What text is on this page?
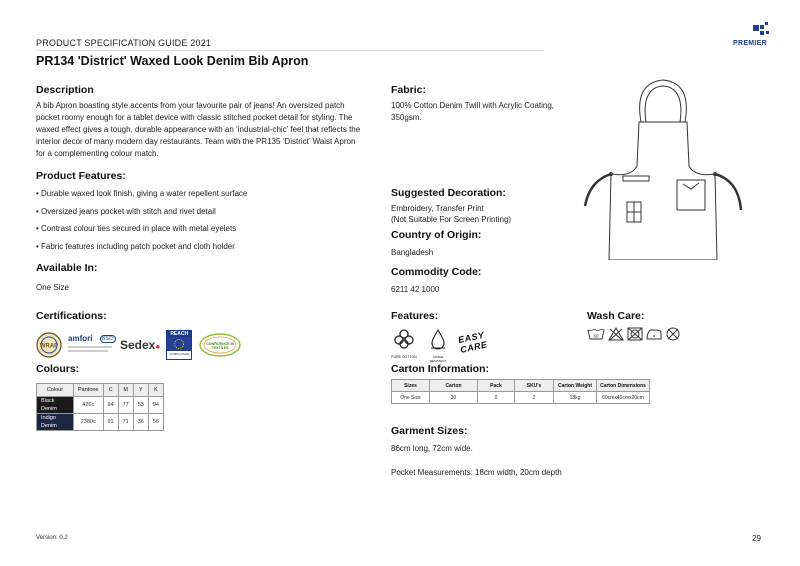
PRODUCT SPECIFICATION GUIDE 2021	PREMIER
PR134 'District' Waxed Look Denim Bib Apron
Description

A bib Apron boasting style accents from your favourite pair of jeans! An oversized patch pocket roomy enough for a tablet device with classic stitched pocket detail for styling. The waxed effect gives a tough, durable appearance with an ‘industrial-chic’ feel that reflects the interior decor of many modern day restaurants. Team with the PR135 ‘District’ Waist Apron for a complementing colour match.

Product Features:
• Durable waxed look finish, giving a water repellent surface
• Oversized jeans pocket with stitch and rivet detail
• Contrast colour ties secured in place with metal eyelets
• Fabric features including patch pocket and cloth holder
Available In:
One Size
Certifications:
WRAP
amfori	BSCI Sedex●
REACH
COMPLIANCE
CONFIDENCE IN TEXTILES
Colours:
Colour	Pantone	C	M	Y	K
Black Denim	426c	94	77	53	94
Indigo Denim	2380c	91	71	36	56
Fabric:
100% Cotton Denim Twill with Acrylic Coating, 350gsm.
Suggested Decoration:
Embroidery, Transfer Print
(Not Suitable For Screen Printing)
Country of Origin:
Bangladesh
Commodity Code:
6211 42 1000
Features:
PURE COTTON	WATER RESISTANT
EASY CARE
Wash Care:
60
Carton Information:
Sizes	Carton	Pack	SKU's	Carton Weight	Carton Dimensions
One Size	30	0	2	18kg	60cmx40cmx20cm
Garment Sizes:
86cm long, 72cm wide.
Pocket Measurements: 18cm width, 20cm depth
Version: 0.2	29
